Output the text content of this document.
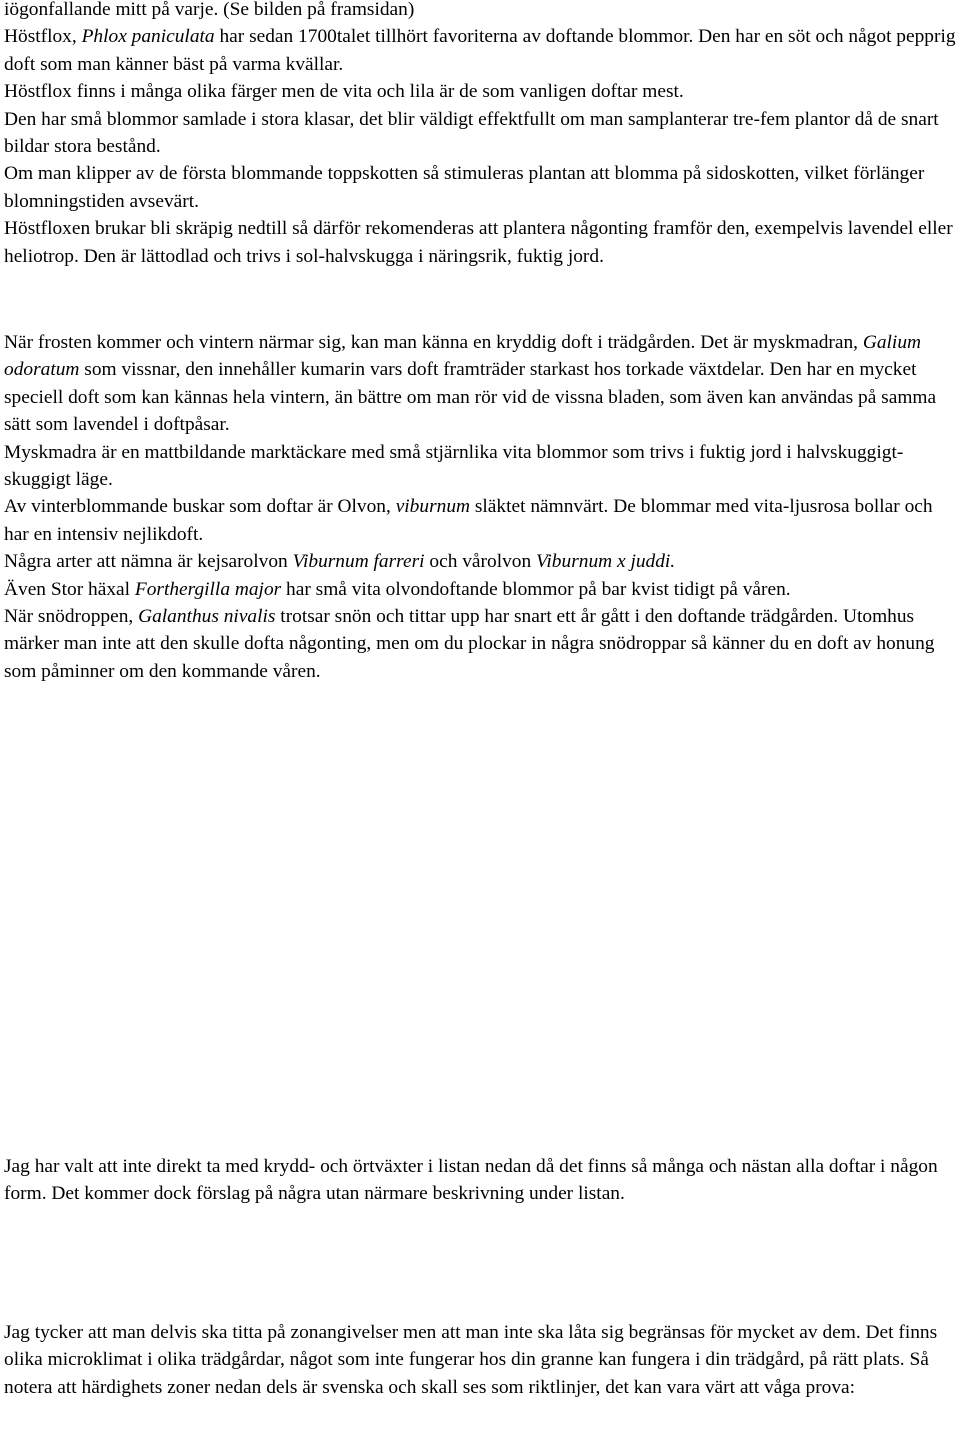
iögonfallande mitt på varje. (Se bilden på framsidan)

Höstflox, Phlox paniculata har sedan 1700talet tillhört favoriterna av doftande blommor. Den har en söt och något pepprig doft som man känner bäst på varma kvällar.

Höstflox finns i många olika färger men de vita och lila är de som vanligen doftar mest.

Den har små blommor samlade i stora klasar, det blir väldigt effektfullt om man samplanterar tre-fem plantor då de snart bildar stora bestånd.

Om man klipper av de första blommande toppskotten så stimuleras plantan att blomma på sidoskotten, vilket förlänger blomningstiden avsevärt.

Höstfloxen brukar bli skräpig nedtill så därför rekomenderas att plantera någonting framför den, exempelvis lavendel eller heliotrop. Den är lättodlad och trivs i sol-halvskugga i näringsrik, fuktig jord.

När frosten kommer och vintern närmar sig, kan man känna en kryddig doft i trädgården. Det är myskmadran, Galium odoratum som vissnar, den innehåller kumarin vars doft framträder starkast hos torkade växtdelar. Den har en mycket speciell doft som kan kännas hela vintern, än bättre om man rör vid de vissna bladen, som även kan användas på samma sätt som lavendel i doftpåsar.

Myskmadra är en mattbildande marktäckare med små stjärnlika vita blommor som trivs i fuktig jord i halvskuggigt-skuggigt läge.

Av vinterblommande buskar som doftar är Olvon, viburnum släktet nämnvärt. De blommar med vita-ljusrosa bollar och har en intensiv nejlikdoft.

Några arter att nämna är kejsarolvon Viburnum farreri och vårolvon Viburnum x juddi.

Även Stor häxal Forthergilla major har små vita olvondoftande blommor på bar kvist tidigt på våren.

När snödroppen, Galanthus nivalis trotsar snön och tittar upp har snart ett år gått i den doftande trädgården. Utomhus märker man inte att den skulle dofta någonting, men om du plockar in några snödroppar så känner du en doft av honung som påminner om den kommande våren.

Jag har valt att inte direkt ta med krydd- och örtväxter i listan nedan då det finns så många och nästan alla doftar i någon form. Det kommer dock förslag på några utan närmare beskrivning under listan.

Jag tycker att man delvis ska titta på zonangivelser men att man inte ska låta sig begränsas för mycket av dem. Det finns olika microklimat i olika trädgårdar, något som inte fungerar hos din granne kan fungera i din trädgård, på rätt plats. Så notera att härdighets zoner nedan dels är svenska och skall ses som riktlinjer, det kan vara värt att våga prova:
